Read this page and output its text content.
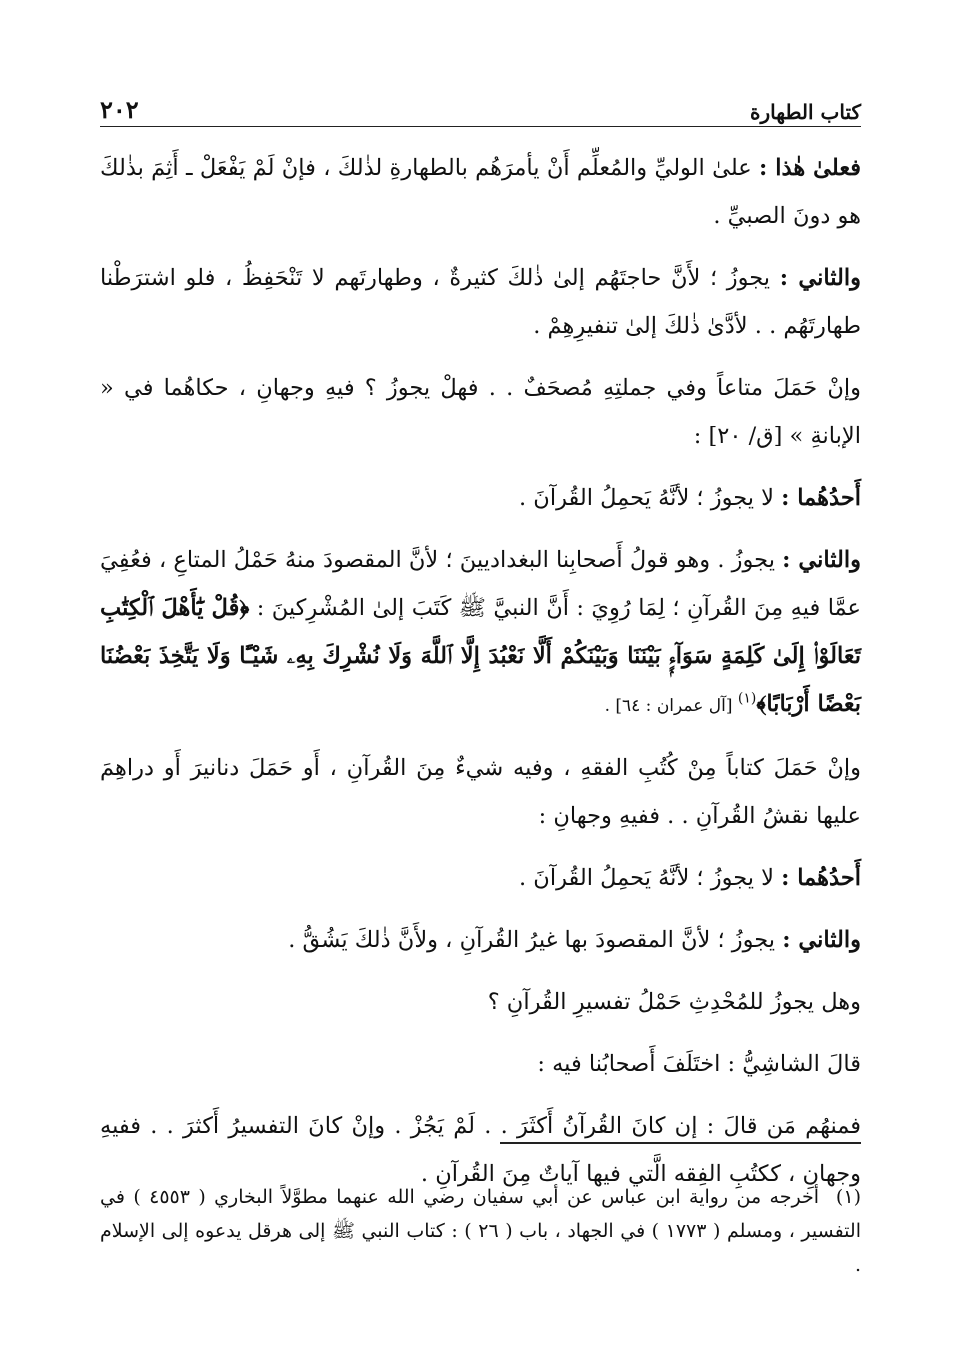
كتاب الطهارة
٢٠٢

فعلىٰ هٰذا : علىٰ الوليِّ والمُعلِّم أَنْ يأمرَهُم بالطهارةِ لذٰلكَ ، فإنْ لَمْ يَفْعَلْ ـ أَثِمَ بذٰلكَ هو دونَ الصبيِّ .

والثاني : يجوزُ ؛ لأَنَّ حاجتَهُم إلىٰ ذٰلكَ كثيرةٌ ، وطهارتَهم لا تَنْحَفِظُ ، فلو اشترَطْنا طهارتَهُم . . لأدَّىٰ ذٰلكَ إلىٰ تنفيرِهِمْ .

وإنْ حَمَلَ متاعاً وفي جملتِهِ مُصحَفٌ . . فهلْ يجوزُ ؟ فيهِ وجهانِ ، حكاهُما في « الإبانةِ » [ق/ ٢٠] :

أَحدُهُما : لا يجوزُ ؛ لأنَّهُ يَحمِلُ القُرآنَ .

والثاني : يجوزُ . وهو قولُ أَصحابِنا البغداديينَ ؛ لأنَّ المقصودَ منهُ حَمْلُ المتاعِ ، فعُفِيَ عمَّا فيهِ مِنَ القُرآنِ ؛ لِمَا رُوِيَ : أَنَّ النبيَّ ﷺ كَتَبَ إلىٰ المُشْرِكينَ : ﴿قُلْ يَٰٓأَهْلَ ٱلْكِتَٰبِ تَعَالَوْا۟ إِلَىٰ كَلِمَةٍ سَوَآءٍۭ بَيْنَنَا وَبَيْنَكُمْ أَلَّا نَعْبُدَ إِلَّا ٱللَّهَ وَلَا نُشْرِكَ بِهِۦ شَيْـًٔا وَلَا يَتَّخِذَ بَعْضُنَا بَعْضًا أَرْبَابًا﴾$^{(١)}$ [آل عمران : ٦٤] .

وإنْ حَمَلَ كتاباً مِنْ كُتُبِ الفقهِ ، وفيه شيءٌ مِنَ القُرآنِ ، أَو حَمَلَ دنانيرَ أَو دراهِمَ عليها نقشُ القُرآنِ . . ففيهِ وجهانِ :

أَحدُهُما : لا يجوزُ ؛ لأنَّهُ يَحمِلُ القُرآنَ .

والثاني : يجوزُ ؛ لأنَّ المقصودَ بها غيرُ القُرآنِ ، ولأَنَّ ذٰلكَ يَشُقُّ .

وهل يجوزُ للمُحْدِثِ حَمْلُ تفسيرِ القُرآنِ ؟

قالَ الشاشِيُّ : اختَلَفَ أَصحابُنا فيه :

فمنهُم مَن قالَ : إن كانَ القُرآنُ أَكثَرَ . . لَمْ يَجُزْ . وإنْ كانَ التفسيرُ أَكثرَ . . ففيهِ وجهانِ ، ككتُبِ الفِقه الَّتي فيها آياتٌ مِنَ القُرآنِ .

(١)أخرجه من رواية ابن عباس عن أبي سفيان رضي الله عنهما مطوَّلاً البخاري ( ٤٥٥٣ ) في التفسير ، ومسلم ( ١٧٧٣ ) في الجهاد ، باب ( ٢٦ ) : كتاب النبي ﷺ إلى هرقل يدعوه إلى الإسلام .
